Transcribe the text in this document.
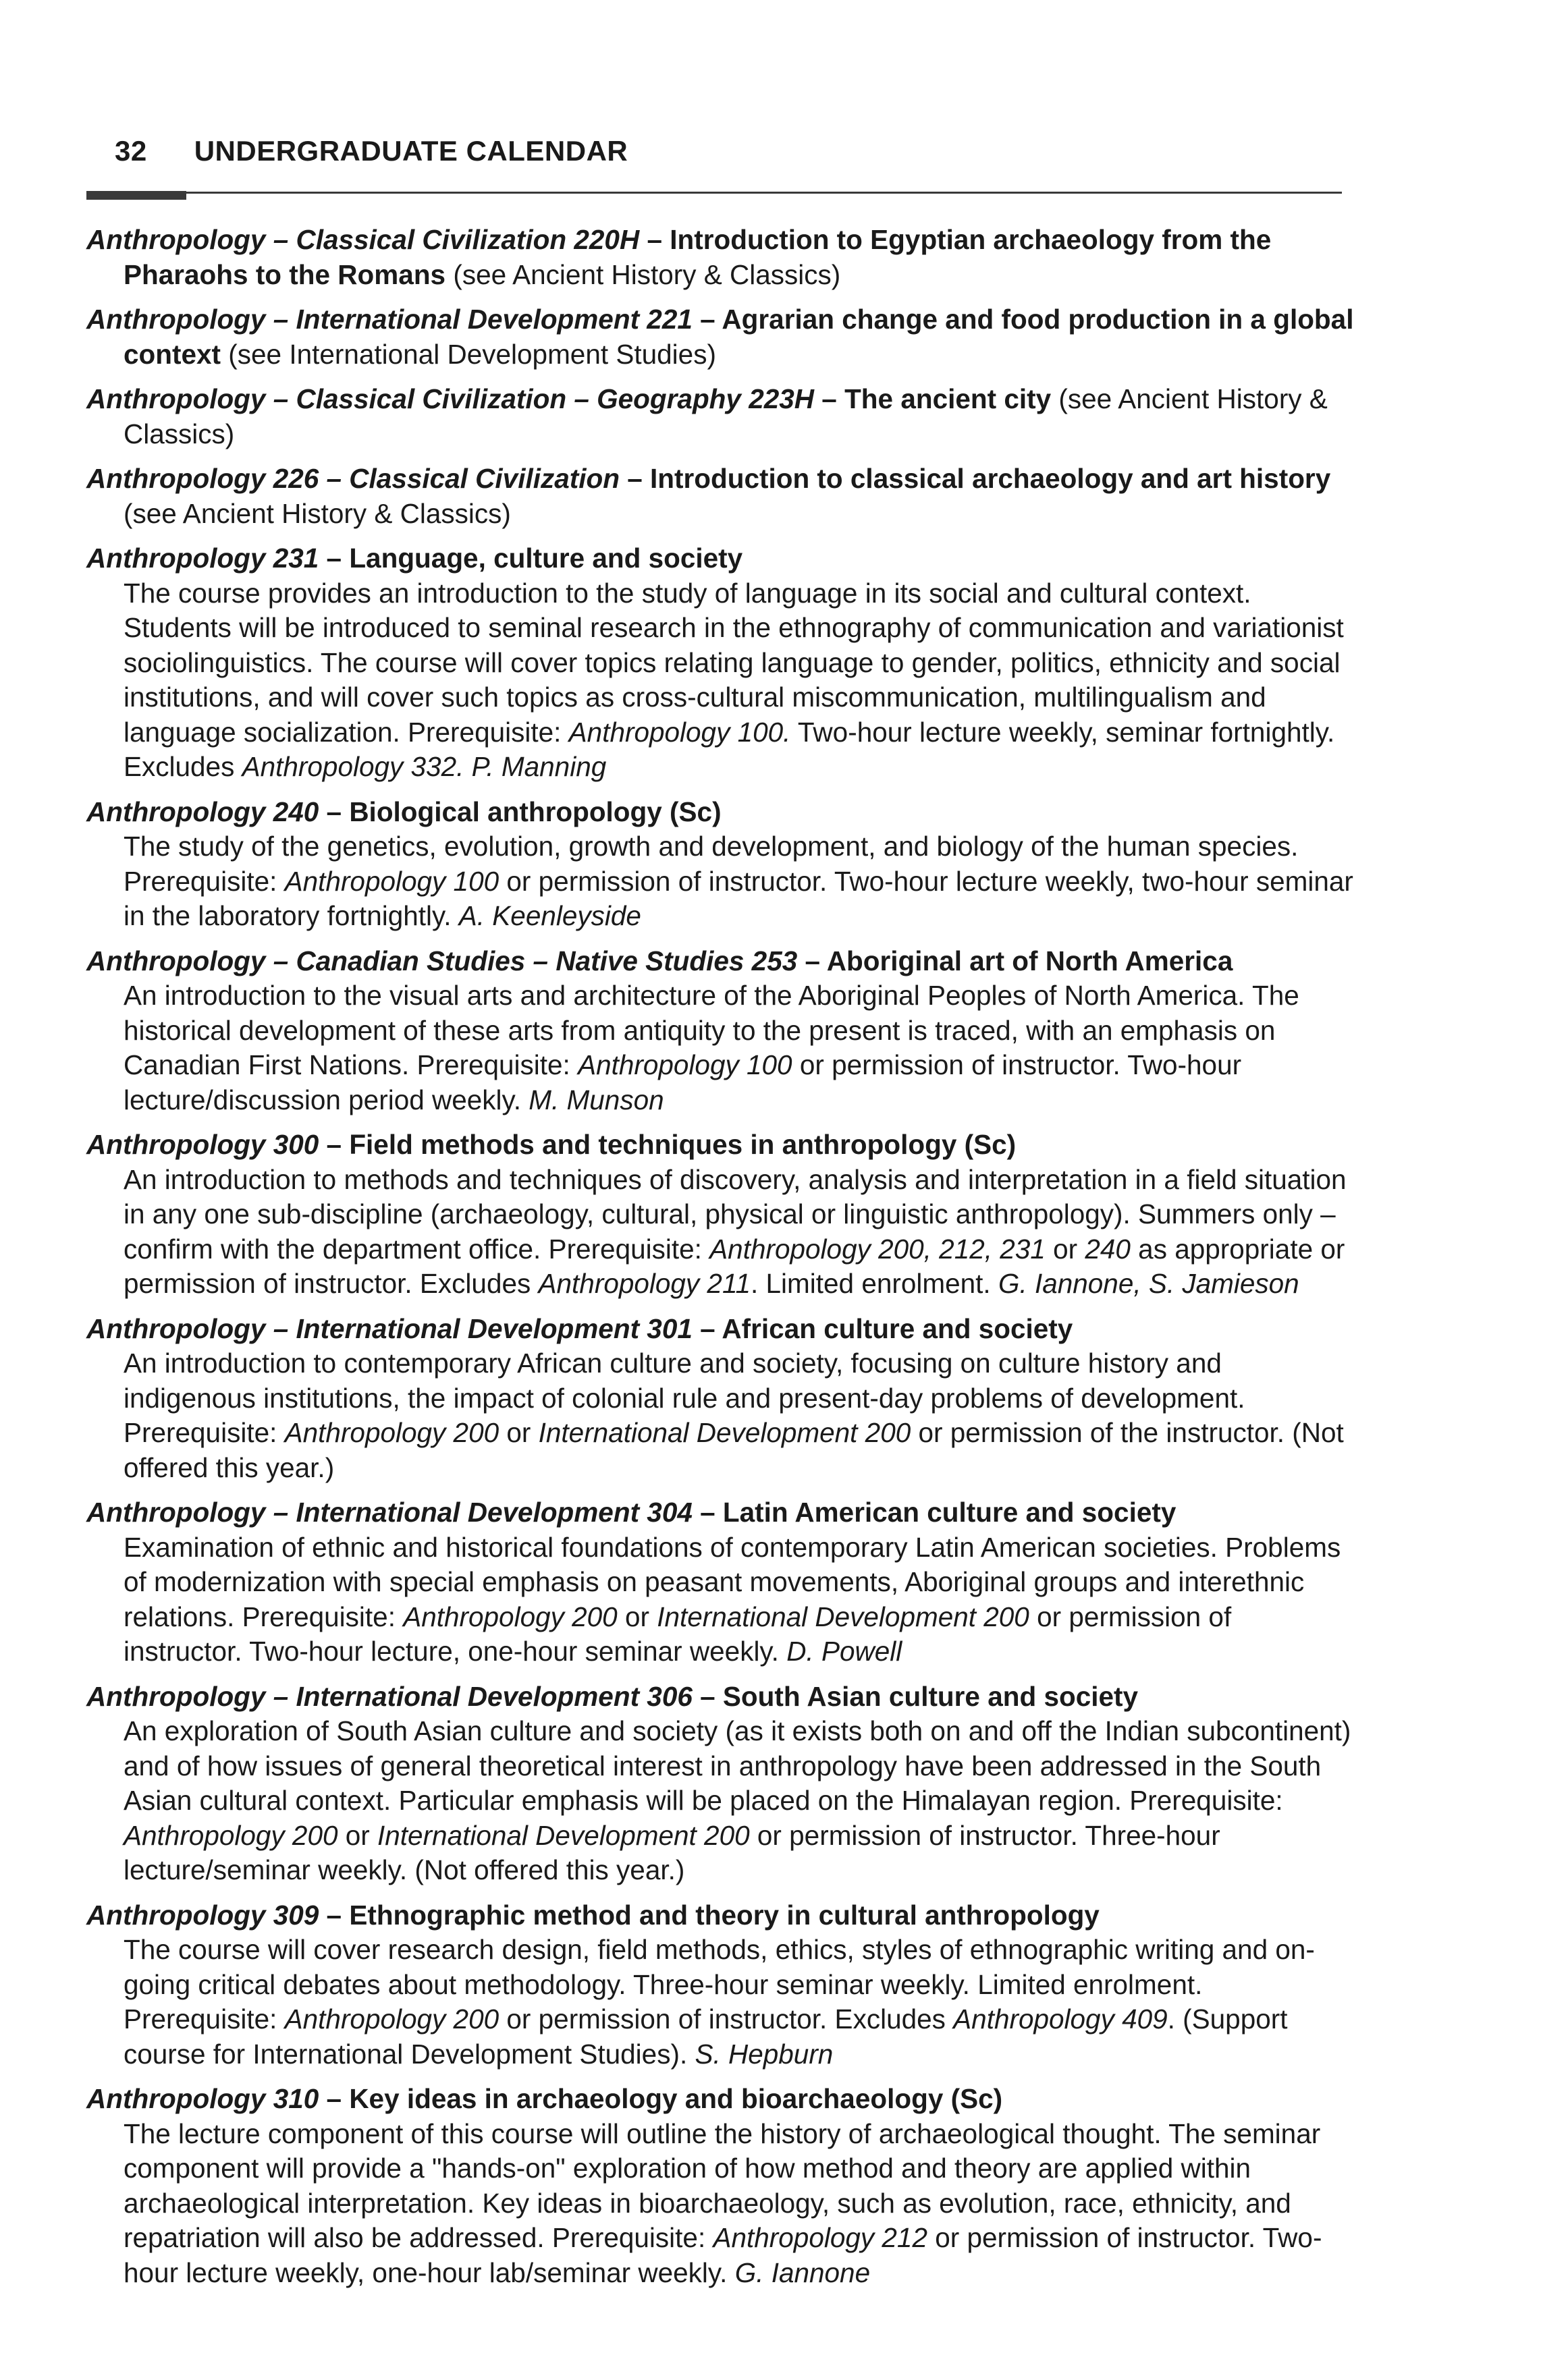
32 UNDERGRADUATE CALENDAR
Anthropology – Classical Civilization 220H – Introduction to Egyptian archaeology from the Pharaohs to the Romans (see Ancient History & Classics)
Anthropology – International Development 221 – Agrarian change and food production in a global context (see International Development Studies)
Anthropology – Classical Civilization – Geography 223H – The ancient city (see Ancient History & Classics)
Anthropology 226 – Classical Civilization – Introduction to classical archaeology and art history (see Ancient History & Classics)
Anthropology 231 – Language, culture and society
The course provides an introduction to the study of language in its social and cultural context. Students will be introduced to seminal research in the ethnography of communication and variationist sociolinguistics. The course will cover topics relating language to gender, politics, ethnicity and social institutions, and will cover such topics as cross-cultural miscommunication, multilingualism and language socialization. Prerequisite: Anthropology 100. Two-hour lecture weekly, seminar fortnightly. Excludes Anthropology 332. P. Manning
Anthropology 240 – Biological anthropology (Sc)
The study of the genetics, evolution, growth and development, and biology of the human species. Prerequisite: Anthropology 100 or permission of instructor. Two-hour lecture weekly, two-hour seminar in the laboratory fortnightly. A. Keenleyside
Anthropology – Canadian Studies – Native Studies 253 – Aboriginal art of North America
An introduction to the visual arts and architecture of the Aboriginal Peoples of North America. The historical development of these arts from antiquity to the present is traced, with an emphasis on Canadian First Nations. Prerequisite: Anthropology 100 or permission of instructor. Two-hour lecture/discussion period weekly. M. Munson
Anthropology 300 – Field methods and techniques in anthropology (Sc)
An introduction to methods and techniques of discovery, analysis and interpretation in a field situation in any one sub-discipline (archaeology, cultural, physical or linguistic anthropology). Summers only – confirm with the department office. Prerequisite: Anthropology 200, 212, 231 or 240 as appropriate or permission of instructor. Excludes Anthropology 211. Limited enrolment. G. Iannone, S. Jamieson
Anthropology – International Development 301 – African culture and society
An introduction to contemporary African culture and society, focusing on culture history and indigenous institutions, the impact of colonial rule and present-day problems of development. Prerequisite: Anthropology 200 or International Development 200 or permission of the instructor. (Not offered this year.)
Anthropology – International Development 304 – Latin American culture and society
Examination of ethnic and historical foundations of contemporary Latin American societies. Problems of modernization with special emphasis on peasant movements, Aboriginal groups and interethnic relations. Prerequisite: Anthropology 200 or International Development 200 or permission of instructor. Two-hour lecture, one-hour seminar weekly. D. Powell
Anthropology – International Development 306 – South Asian culture and society
An exploration of South Asian culture and society (as it exists both on and off the Indian subcontinent) and of how issues of general theoretical interest in anthropology have been addressed in the South Asian cultural context. Particular emphasis will be placed on the Himalayan region. Prerequisite: Anthropology 200 or International Development 200 or permission of instructor. Three-hour lecture/seminar weekly. (Not offered this year.)
Anthropology 309 – Ethnographic method and theory in cultural anthropology
The course will cover research design, field methods, ethics, styles of ethnographic writing and on-going critical debates about methodology. Three-hour seminar weekly. Limited enrolment. Prerequisite: Anthropology 200 or permission of instructor. Excludes Anthropology 409. (Support course for International Development Studies). S. Hepburn
Anthropology 310 – Key ideas in archaeology and bioarchaeology (Sc)
The lecture component of this course will outline the history of archaeological thought. The seminar component will provide a "hands-on" exploration of how method and theory are applied within archaeological interpretation. Key ideas in bioarchaeology, such as evolution, race, ethnicity, and repatriation will also be addressed. Prerequisite: Anthropology 212 or permission of instructor. Two-hour lecture weekly, one-hour lab/seminar weekly. G. Iannone
